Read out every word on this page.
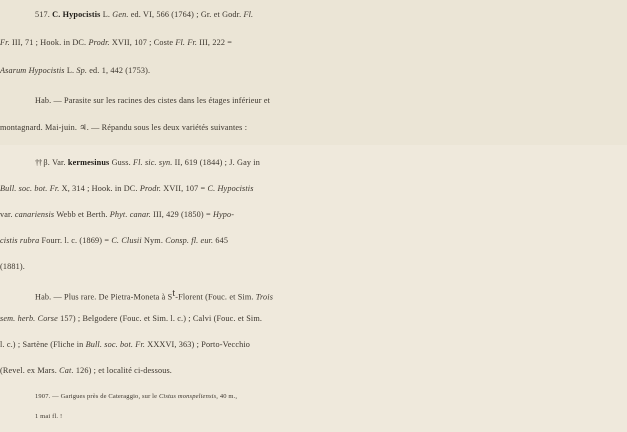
517. C. Hypocistis L. Gen. ed. VI, 566 (1764) ; Gr. et Godr. Fl.
Fr. III, 71 ; Hook. in DC. Prodr. XVII, 107 ; Coste Fl. Fr. III, 222 =
Asarum Hypocistis L. Sp. ed. 1, 442 (1753).
Hab. — Parasite sur les racines des cistes dans les étages inférieur et
montagnard. Mai-juin. ♃. — Répandu sous les deux variétés suivantes :
†† β. Var. kermesinus Guss. Fl. sic. syn. II, 619 (1844) ; J. Gay in
Bull. soc. bot. Fr. X, 314 ; Hook. in DC. Prodr. XVII, 107 = C. Hypocistis
var. canariensis Webb et Berth. Phyt. canar. III, 429 (1850) = Hypo-
cistis rubra Fourr. l. c. (1869) = C. Clusii Nym. Consp. fl. eur. 645
(1881).
Hab. — Plus rare. De Pietra-Moneta à $S^t$-Florent (Fouc. et Sim. Trois
sem. herb. Corse 157) ; Belgodere (Fouc. et Sim. l. c.) ; Calvi (Fouc. et Sim.
l. c.) ; Sartène (Fliche in Bull. soc. bot. Fr. XXXVI, 363) ; Porto-Vecchio
(Revel. ex Mars. Cat. 126) ; et localité ci-dessous.
1907. — Garigues près de Cateraggio, sur le Cistus monspeliensis, 40 m.,
1 mai fl. !
